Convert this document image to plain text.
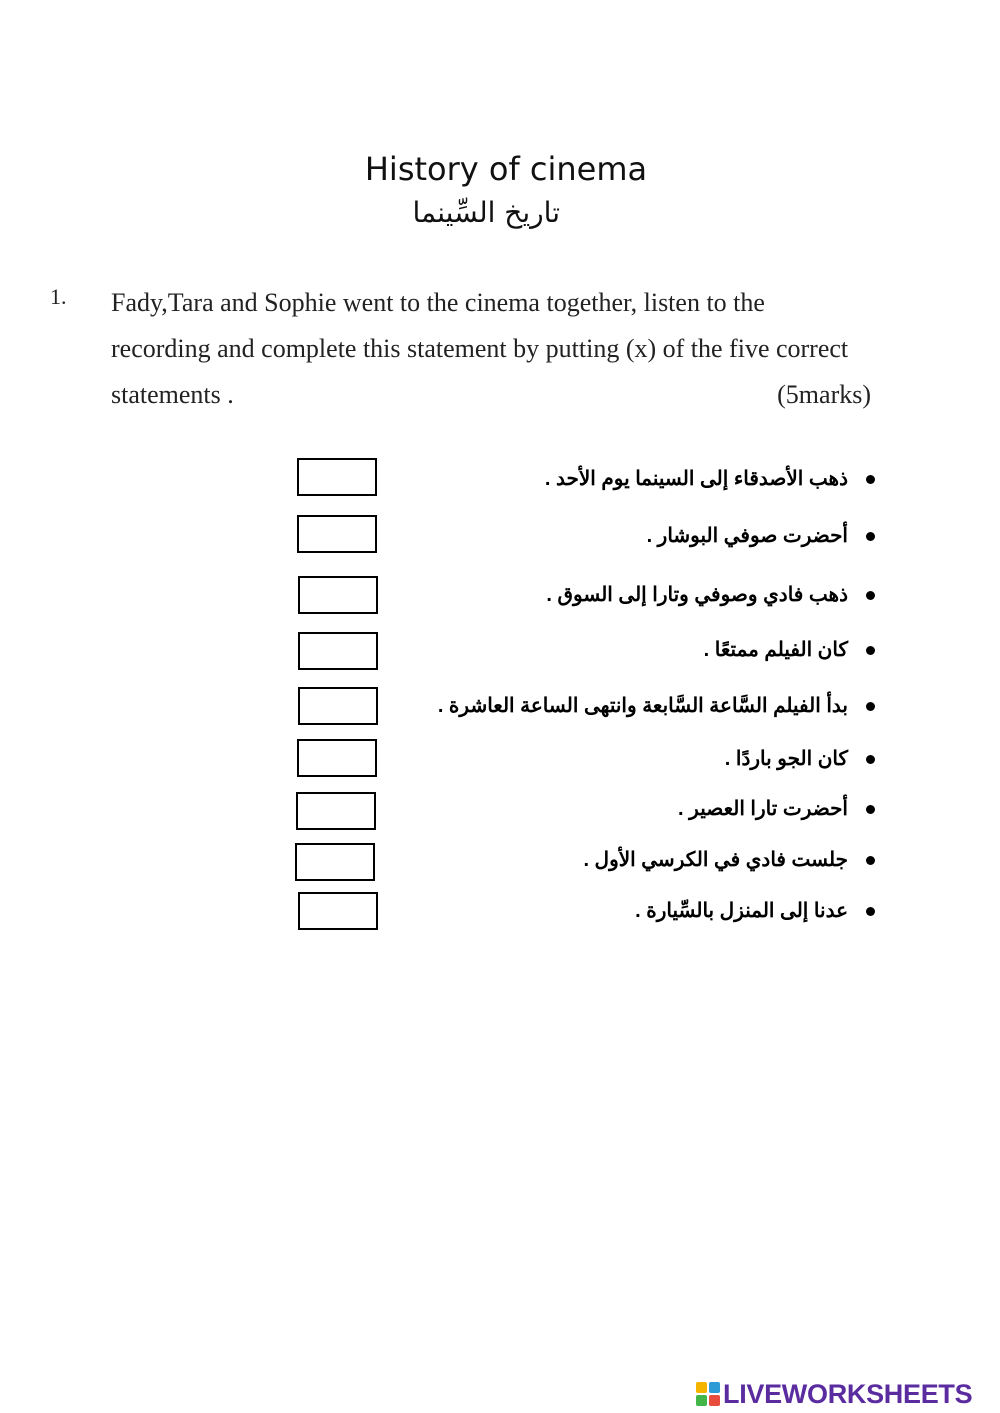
History of cinema
تاريخ السِّينما
1. Fady,Tara and Sophie went to the cinema together, listen to the recording and complete this statement by putting (x) of the five correct statements .	(5marks)
ذهب الأصدقاء إلى السينما يوم الأحد .
أحضرت صوفي البوشار .
ذهب فادي وصوفي وتارا إلى السوق .
كان الفيلم ممتعًا .
بدأ الفيلم السَّاعة السَّابعة وانتهى الساعة العاشرة .
كان الجو باردًا .
أحضرت تارا العصير .
جلست فادي في الكرسي الأول .
عدنا إلى المنزل بالسِّيارة .
LIVEWORKSHEETS
